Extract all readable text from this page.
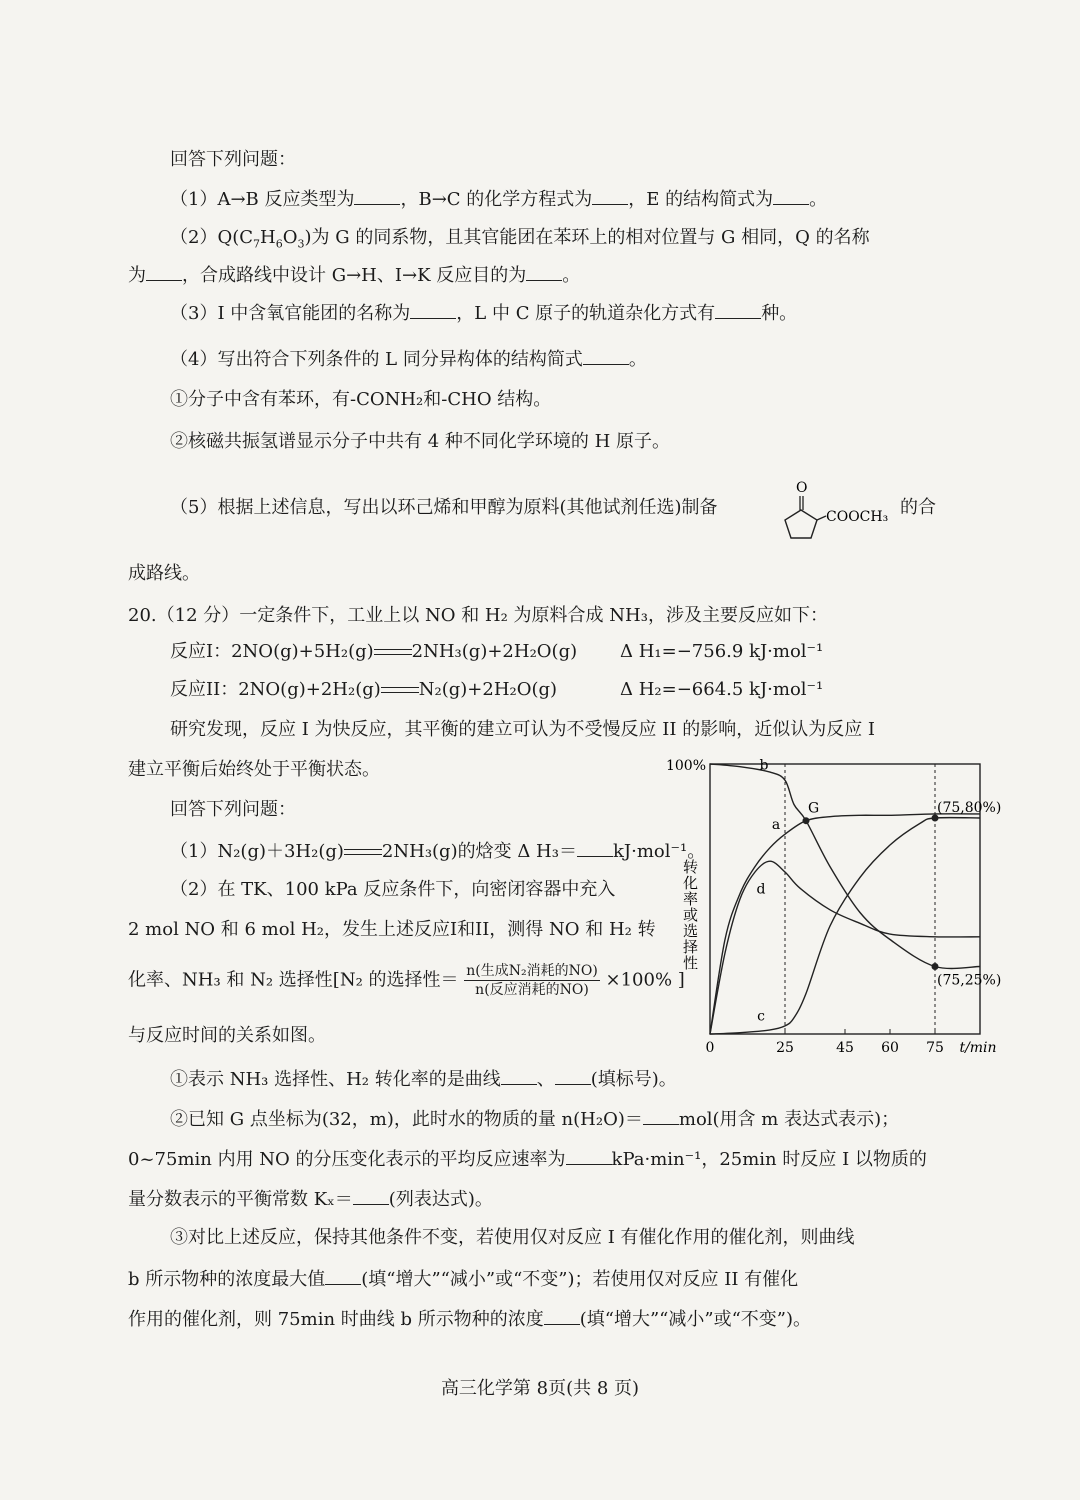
回答下列问题：
（1）A→B 反应类型为	，B→C 的化学方程式为 ，E 的结构简式为 。
$(2)Q(C_7H_6O_3)$为 G 的同系物，且其官能团在苯环上的相对位置与 G 相同，Q 的名称
为 ，合成路线中设计 G→H、I→K 反应目的为 。
（3）I 中含氧官能团的名称为	，L 中 C 原子的轨道杂化方式有	种。
（4）写出符合下列条件的 L 同分异构体的结构简式	。
①分子中含有苯环，有-CONH₂和-CHO 结构。
②核磁共振氢谱显示分子中共有 4 种不同化学环境的 H 原子。
（5）根据上述信息，写出以环己烯和甲醇为原料(其他试剂任选)制备	的合
O
COOCH₃
成路线。
20.（12 分）一定条件下，工业上以 NO 和 H₂ 为原料合成 NH₃，涉及主要反应如下：
反应I：2NO(g)+5H₂(g) 2NH₃(g)+2H₂O(g) Δ H₁=−756.9 kJ·mol⁻¹
反应II：2NO(g)+2H₂(g) N₂(g)+2H₂O(g)	Δ H₂=−664.5 kJ·mol⁻¹
研究发现，反应 I 为快反应，其平衡的建立可认为不受慢反应 II 的影响，近似认为反应 I
建立平衡后始终处于平衡状态。
回答下列问题：
（1）N₂(g)＋3H₂(g) 2NH₃(g)的焓变 Δ H₃＝ kJ·mol⁻¹。
（2）在 TK、100 kPa 反应条件下，向密闭容器中充入
2 mol NO 和 6 mol H₂，发生上述反应I和II，测得 NO 和 H₂ 转
化率、NH₃ 和 N₂ 选择性[N₂ 的选择性＝ $\frac{\text{n(生成N₂消耗的NO)}}{\text{n(反应消耗的NO)}} \times 100\%$ ]
与反应时间的关系如图。
①表示 NH₃ 选择性、H₂ 转化率的是曲线 、 (填标号)。
②已知 G 点坐标为(32，m)，此时水的物质的量 n(H₂O)＝ mol(用含 m 表达式表示)；
0~75min 内用 NO 的分压变化表示的平均反应速率为	kPa·min⁻¹，25min 时反应 I 以物质的
量分数表示的平衡常数 Kₓ＝ (列表达式)。
③对比上述反应，保持其他条件不变，若使用仅对反应 I 有催化作用的催化剂，则曲线
b 所示物种的浓度最大值 (填“增大”“减小”或“不变”)；若使用仅对反应 II 有催化
作用的催化剂，则 75min 时曲线 b 所示物种的浓度 (填“增大”“减小”或“不变”)。
高三化学第 8页(共 8 页)
转化率或选择性
100%
0	25	45 60 75 t/min
a
b
c
d
G	(75,80%)
(75,25%)
